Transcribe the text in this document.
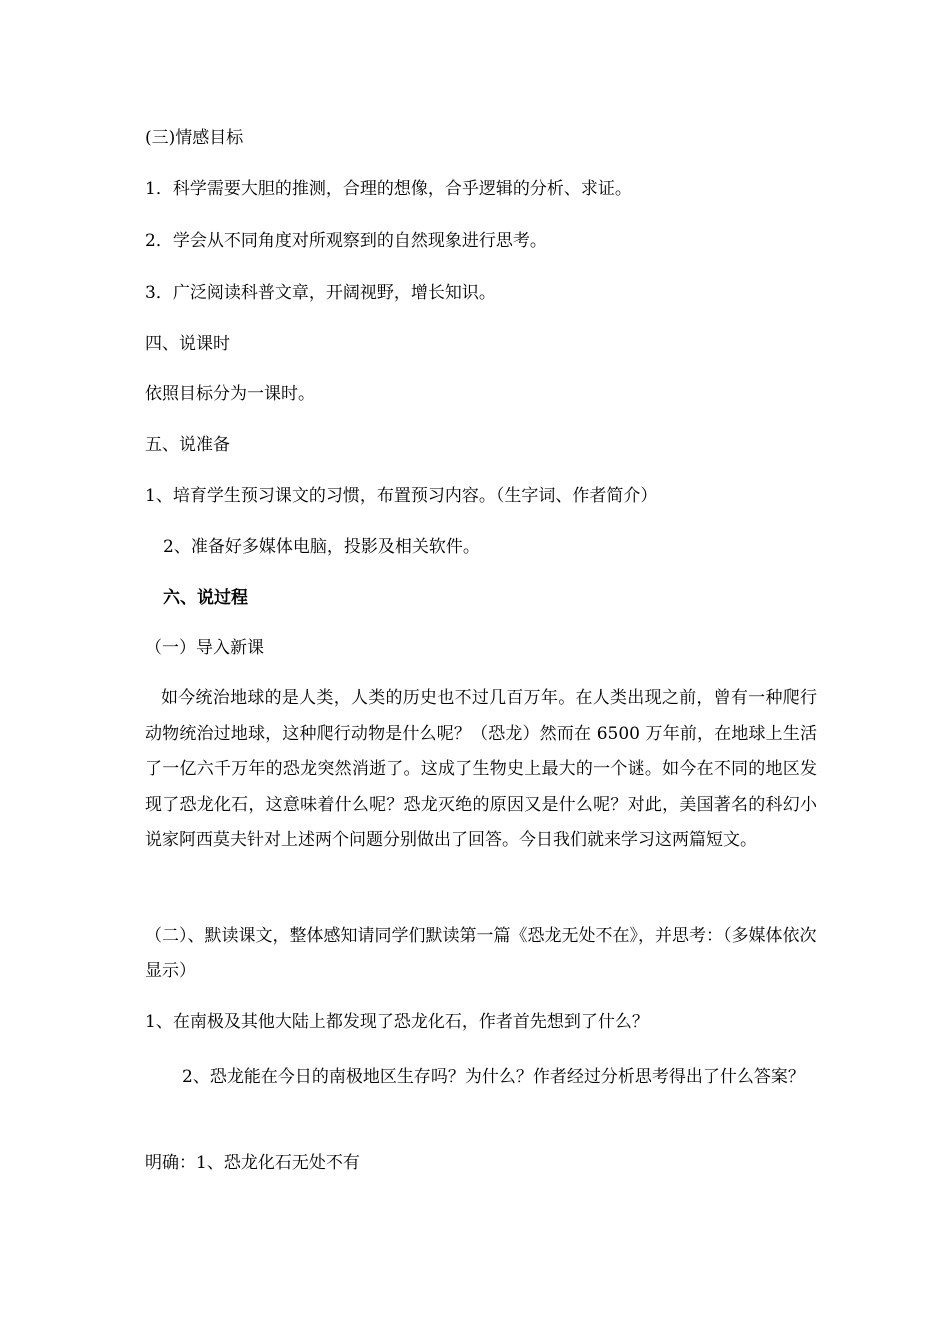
(三)情感目标
1．科学需要大胆的推测，合理的想像，合乎逻辑的分析、求证。
2．学会从不同角度对所观察到的自然现象进行思考。
3．广泛阅读科普文章，开阔视野，增长知识。
四、说课时
依照目标分为一课时。
五、说准备
1、培育学生预习课文的习惯，布置预习内容。（生字词、作者简介）
2、准备好多媒体电脑，投影及相关软件。
六、说过程
（一）导入新课
如今统治地球的是人类，人类的历史也不过几百万年。在人类出现之前，曾有一种爬行动物统治过地球，这种爬行动物是什么呢？（恐龙）然而在 6500 万年前，在地球上生活了一亿六千万年的恐龙突然消逝了。这成了生物史上最大的一个谜。如今在不同的地区发现了恐龙化石，这意味着什么呢？恐龙灭绝的原因又是什么呢？对此，美国著名的科幻小说家阿西莫夫针对上述两个问题分别做出了回答。今日我们就来学习这两篇短文。
（二）、默读课文，整体感知请同学们默读第一篇《恐龙无处不在》，并思考：（多媒体依次显示）
1、在南极及其他大陆上都发现了恐龙化石，作者首先想到了什么？
2、恐龙能在今日的南极地区生存吗？为什么？作者经过分析思考得出了什么答案？
明确：1、恐龙化石无处不有
